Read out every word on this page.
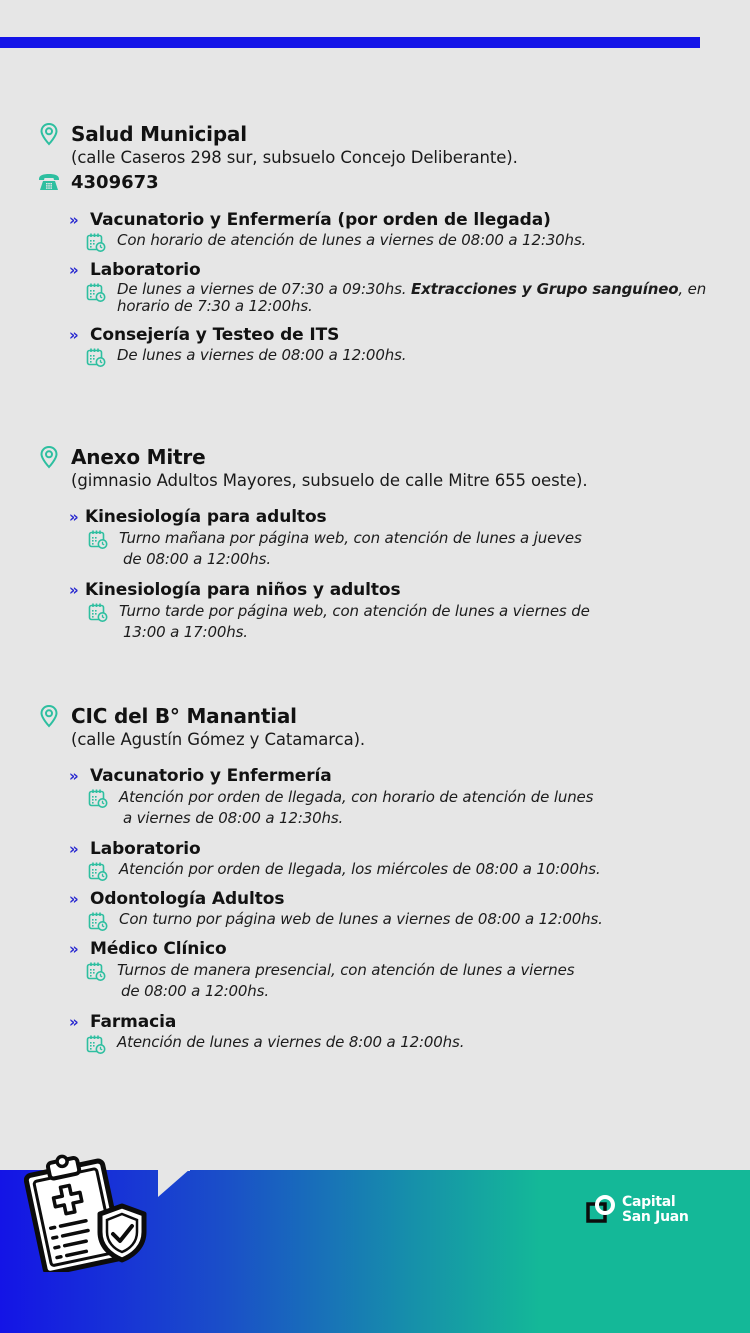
Salud Municipal
(calle Caseros 298 sur, subsuelo Concejo Deliberante).
4309673
» Vacunatorio y Enfermería (por orden de llegada)
Con horario de atención de lunes a viernes de 08:00 a 12:30hs.
» Laboratorio
De lunes a viernes de 07:30 a 09:30hs. Extracciones y Grupo sanguíneo, en horario de 7:30 a 12:00hs.
» Consejería y Testeo de ITS
De lunes a viernes de 08:00 a 12:00hs.
Anexo Mitre
(gimnasio Adultos Mayores, subsuelo de calle Mitre 655 oeste).
» Kinesiología para adultos
Turno mañana por página web, con atención de lunes a jueves
de 08:00 a 12:00hs.
» Kinesiología para niños y adultos
Turno tarde por página web, con atención de lunes a viernes de
13:00 a 17:00hs.
CIC del B° Manantial
(calle Agustín Gómez y Catamarca).
» Vacunatorio y Enfermería
Atención por orden de llegada, con horario de atención de lunes
a viernes de 08:00 a 12:30hs.
» Laboratorio
Atención por orden de llegada, los miércoles de 08:00 a 10:00hs.
» Odontología Adultos
Con turno por página web de lunes a viernes de 08:00 a 12:00hs.
» Médico Clínico
Turnos de manera presencial, con atención de lunes a viernes
de 08:00 a 12:00hs.
» Farmacia
Atención de lunes a viernes de 8:00 a 12:00hs.
Capital
San Juan
